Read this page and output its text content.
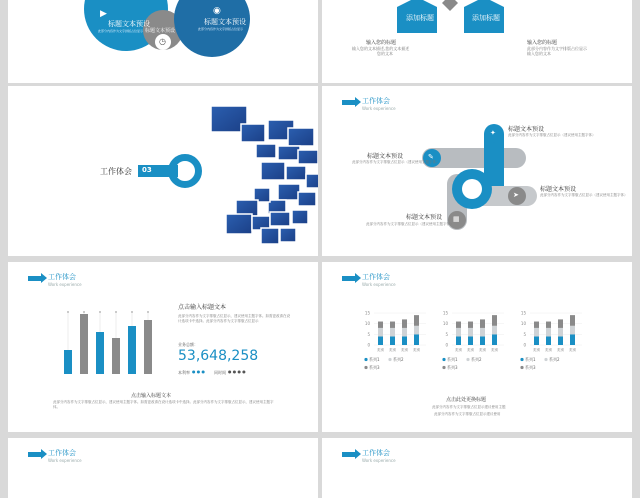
◷
▶
标题文本预设
此部分内容作为文字排版占位显示 标题文本预设
◉
标题文本预设
此部分内容作为文字排版占位显示
添加标题	添加标题
输入您的标题
输入您的文本描述,您的文本描述
您的文本
输入您的标题
此部分内容作为文字排版占位显示
输入您的文本
工作体会 03
工作体会
Work experience
✦
✎
➤
▦
标题文本预设
此部分内容作为文字排版占位显示（建议使用主题字体）
标题文本预设
此部分内容作为文字排版占位显示（建议使用主题字体）
标题文本预设
此部分内容作为文字排版占位显示（建议使用主题字体）
标题文本预设
此部分内容作为文字排版占位显示（建议使用主题字体）
工作体会
Work experience
点击输入标题文本
此部分内容作为文字排版占位显示，建议使用主题字体。如需更改请在设计选项卡中选择。此部分内容作为文字排版占位显示
业务总额：
53,648,258
本利率 ● ● ● 同时间 ● ● ● ●
点击输入标题文本
此部分内容作为文字排版占位显示，建议使用主题字体。如需更改请在设计选项卡中选择。此部分内容作为文字排版占位显示，建议使用主题字体。
工作体会
Work experience
15
10
5
0
类别 类别 类别 类别
系列1	系列2
系列3
15
10
5
0
类别 类别 类别 类别
系列1	系列2
系列3
15
10
5
0
类别 类别 类别 类别
系列1	系列2
系列3
点击此处更换标题
此部分内容作为文字排版占位显示建议使用主题
此部分内容作为文字排版占位显示建议使用
工作体会
Work experience
工作体会
Work experience
